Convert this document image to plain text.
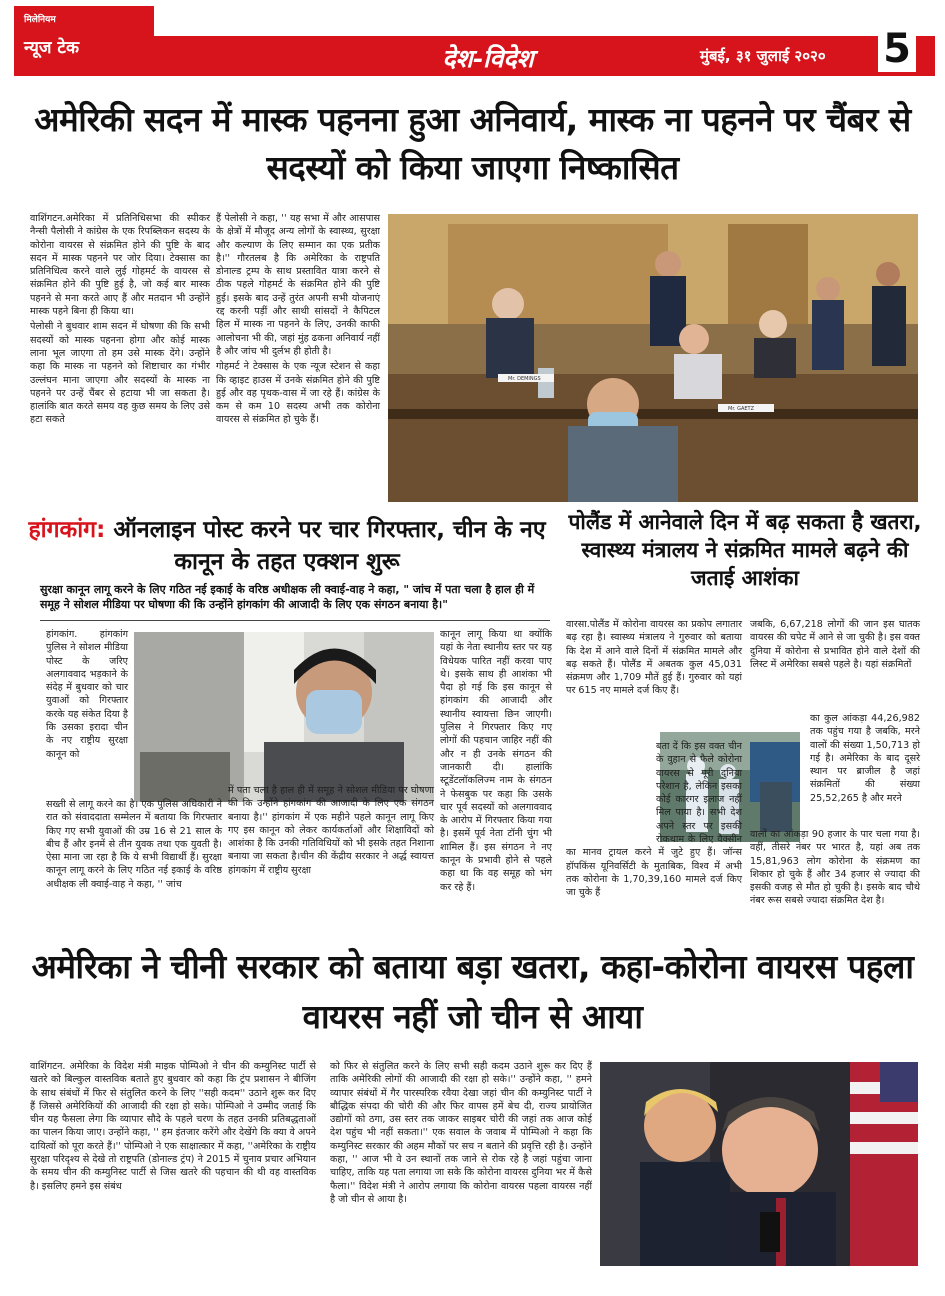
मिलेनियम
न्यूज टेक	देश-विदेश	मुंबई, ३१ जुलाई २०२० 5
अमेरिकी सदन में मास्क पहनना हुआ अनिवार्य, मास्क ना पहनने पर चैंबर से सदस्यों को किया जाएगा निष्कासित

वाशिंगटन.अमेरिका में प्रतिनिधिसभा की स्पीकर नैन्सी पैलोसी ने कांग्रेस के एक रिपब्लिकन सदस्य के कोरोना वायरस से संक्रमित होने की पुष्टि के बाद सदन में मास्क पहनने पर जोर दिया। टेक्सास का प्रतिनिधित्व करने वाले लुई गोहमर्ट के वायरस से संक्रमित होने की पुष्टि हुई है, जो कई बार मास्क पहनने से मना करते आए हैं और मतदान भी उन्होंने मास्क पहने बिना ही किया था।

पेलोसी ने बुधवार शाम सदन में घोषणा की कि सभी सदस्यों को मास्क पहनना होगा और कोई मास्क लाना भूल जाएगा तो हम उसे मास्क देंगे। उन्होंने कहा कि मास्क ना पहनने को शिष्टाचार का गंभीर उल्लंघन माना जाएगा और सदस्यों के मास्क ना पहनने पर उन्हें चैंबर से हटाया भी जा सकता है। हालांकि बात करते समय वह कुछ समय के लिए उसे हटा सकते

हैं पेलोसी ने कहा, '' यह सभा में और आसपास के क्षेत्रों में मौजूद अन्य लोगों के स्वास्थ्य, सुरक्षा और कल्याण के लिए सम्मान का एक प्रतीक है।'' गौरतलब है कि अमेरिका के राष्ट्रपति डोनाल्ड ट्रम्प के साथ प्रस्तावित यात्रा करने से ठीक पहले गोहमर्ट के संक्रमित होने की पुष्टि हुई। इसके बाद उन्हें तुरंत अपनी सभी योजनाएं रद्द करनी पड़ीं और साथी सांसदों ने कैपिटल हिल में मास्क ना पहनने के लिए, उनकी काफी आलोचना भी की, जहां मुंह ढकना अनिवार्य नहीं है और जांच भी दुर्लभ ही होती है।

गोहमर्ट ने टेक्सास के एक न्यूज स्टेशन से कहा कि व्हाइट हाउस में उनके संक्रमित होने की पुष्टि हुई और वह पृथक-वास में जा रहे हैं। कांग्रेस के कम से कम 10 सदस्य अभी तक कोरोना वायरस से संक्रमित हो चुके हैं।

Mr. DEMINGS
Mr. GAETZ
हांगकांग: ऑनलाइन पोस्ट करने पर चार गिरफ्तार, चीन के नए कानून के तहत एक्शन शुरू
सुरक्षा कानून लागू करने के लिए गठित नई इकाई के वरिष्ठ अधीक्षक ली क्वाई-वाह ने कहा, " जांच में पता चला है हाल ही में समूह ने सोशल मीडिया पर घोषणा की कि उन्होंने हांगकांग की आजादी के लिए एक संगठन बनाया है।"
हांगकांग. हांगकांग पुलिस ने सोशल मीडिया पोस्ट के जरिए अलगाववाद भड़काने के संदेह में बुधवार को चार युवाओं को गिरफ्तार करके यह संकेत दिया है कि उसका इरादा चीन के नए राष्ट्रीय सुरक्षा कानून को
कानून लागू किया था क्योंकि यहां के नेता स्थानीय स्तर पर यह विधेयक पारित नहीं करवा पाए थे। इसके साथ ही आशंका भी पैदा हो गई कि इस कानून से हांगकांग की आजादी और स्थानीय स्वायत्ता छिन जाएगी। पुलिस ने गिरफ्तार किए गए लोगों की पहचान जाहिर नहीं की और न ही उनके संगठन की जानकारी दी। हालांकि स्टूडेंटलॉकलिज्म नाम के संगठन ने फेसबुक पर कहा कि उसके चार पूर्व सदस्यों को अलगाववाद के आरोप में गिरफ्तार किया गया है। इसमें पूर्व नेता टॉनी चुंग भी शामिल हैं। इस संगठन ने नए कानून के प्रभावी होने से पहले कहा था कि वह समूह को भंग कर रहे हैं।
सख्ती से लागू करने का है। एक पुलिस अधिकारी ने रात को संवाददाता सम्मेलन में बताया कि गिरफ्तार किए गए सभी युवाओं की उम्र 16 से 21 साल के बीच हैं और इनमें से तीन युवक तथा एक युवती है। ऐसा माना जा रहा है कि ये सभी विद्यार्थी हैं। सुरक्षा कानून लागू करने के लिए गठित नई इकाई के वरिष्ठ अधीक्षक ली क्वाई-वाह ने कहा, '' जांच
में पता चला है हाल ही में समूह ने सोशल मीडिया पर घोषणा की कि उन्होंने हांगकांग की आजादी के लिए एक संगठन बनाया है।'' हांगकांग में एक महीने पहले कानून लागू किए गए इस कानून को लेकर कार्यकर्ताओं और शिक्षाविदों को आशंका है कि उनकी गतिविधियों को भी इसके तहत निशाना बनाया जा सकता है।चीन की केंद्रीय सरकार ने अर्द्ध स्वायत्त हांगकांग में राष्ट्रीय सुरक्षा
पोलैंड में आनेवाले दिन में बढ़ सकता है खतरा, स्वास्थ्य मंत्रालय ने संक्रमित मामले बढ़ने की जताई आशंका
वारसा.पोलैंड में कोरोना वायरस का प्रकोप लगातार बढ़ रहा है। स्वास्थ्य मंत्रालय ने गुरुवार को बताया कि देश में आने वाले दिनों में संक्रमित मामले और बढ़ सकते हैं। पोलैंड में अबतक कुल 45,031 संक्रमण और 1,709 मौतें हुई हैं। गुरुवार को यहां पर 615 नए मामले दर्ज किए हैं।

बता दें कि इस वक्त चीन के वुहान से फैले कोरोना वायरस से पूरी दुनिया परेशान है, लेकिन इसका कोई कारगर इलाज नहीं मिल पाया है। सभी देश अपने स्तर पर इसकी रोकथाम के लिए वैक्सीन का मानव ट्रायल करने में जुटे हुए हैं। जॉन्स हॉपकिंस यूनिवर्सिटी के मुताबिक, विश्व में अभी तक कोरोना के 1,70,39,160 मामले दर्ज किए जा चुके हैं

जबकि, 6,67,218 लोगों की जान इस घातक वायरस की चपेट में आने से जा चुकी है। इस वक्त दुनिया में कोरोना से प्रभावित होने वाले देशों की लिस्ट में अमेरिका सबसे पहले है। यहां संक्रमितों
का कुल आंकड़ा 44,26,982 तक पहुंच गया है जबकि, मरने वालों की संख्या 1,50,713 हो गई है। अमेरिका के बाद दूसरे स्थान पर ब्राजील है जहां संक्रमितों की संख्या 25,52,265 है और मरने
वालों का आंकड़ा 90 हजार के पार चला गया है। वहीं, तीसरे नंबर पर भारत है, यहां अब तक 15,81,963 लोग कोरोना के संक्रमण का शिकार हो चुके हैं और 34 हजार से ज्यादा की इसकी वजह से मौत हो चुकी है। इसके बाद चौथे नंबर रूस सबसे ज्यादा संक्रमित देश है।
अमेरिका ने चीनी सरकार को बताया बड़ा खतरा, कहा-कोरोना वायरस पहला वायरस नहीं जो चीन से आया
वाशिंगटन. अमेरिका के विदेश मंत्री माइक पोम्पिओ ने चीन की कम्युनिस्ट पार्टी से खतरे को बिल्कुल वास्तविक बताते हुए बुधवार को कहा कि ट्रंप प्रशासन ने बीजिंग के साथ संबंधों में फिर से संतुलित करने के लिए ''सही कदम'' उठाने शुरू कर दिए हैं जिससे अमेरिकियों की आजादी की रक्षा हो सके। पोम्पिओ ने उम्मीद जताई कि चीन यह फैसला लेगा कि व्यापार सौदे के पहले चरण के तहत उनकी प्रतिबद्धताओं का पालन किया जाए। उन्होंने कहा, '' हम इंतजार करेंगे और देखेंगे कि क्या वे अपने दायित्वों को पूरा करते हैं।'' पोम्पिओ ने एक साक्षात्कार में कहा, ''अमेरिका के राष्ट्रीय सुरक्षा परिदृश्य से देखे तो राष्ट्रपति (डोनाल्ड ट्रंप) ने 2015 में चुनाव प्रचार अभियान के समय चीन की कम्युनिस्ट पार्टी से जिस खतरे की पहचान की थी वह वास्तविक है। इसलिए हमने इस संबंध
को फिर से संतुलित करने के लिए सभी सही कदम उठाने शुरू कर दिए हैं ताकि अमेरिकी लोगों की आजादी की रक्षा हो सके।'' उन्होंने कहा, '' हमने व्यापार संबंधों में गैर पारस्परिक रवैया देखा जहां चीन की कम्युनिस्ट पार्टी ने बौद्धिक संपदा की चोरी की और फिर वापस हमें बेच दी, राज्य प्रायोजित उद्योगों को ठगा, उस स्तर तक जाकर साइबर चोरी की जहां तक आज कोई देश पहुंच भी नहीं सकता।'' एक सवाल के जवाब में पोम्पिओ ने कहा कि कम्युनिस्ट सरकार की अहम मौकों पर सच न बताने की प्रवृत्ति रही है। उन्होंने कहा, '' आज भी वे उन स्थानों तक जाने से रोक रहे है जहां पहुंचा जाना चाहिए, ताकि यह पता लगाया जा सके कि कोरोना वायरस दुनिया भर में कैसे फैला।'' विदेश मंत्री ने आरोप लगाया कि कोरोना वायरस पहला वायरस नहीं है जो चीन से आया है।
